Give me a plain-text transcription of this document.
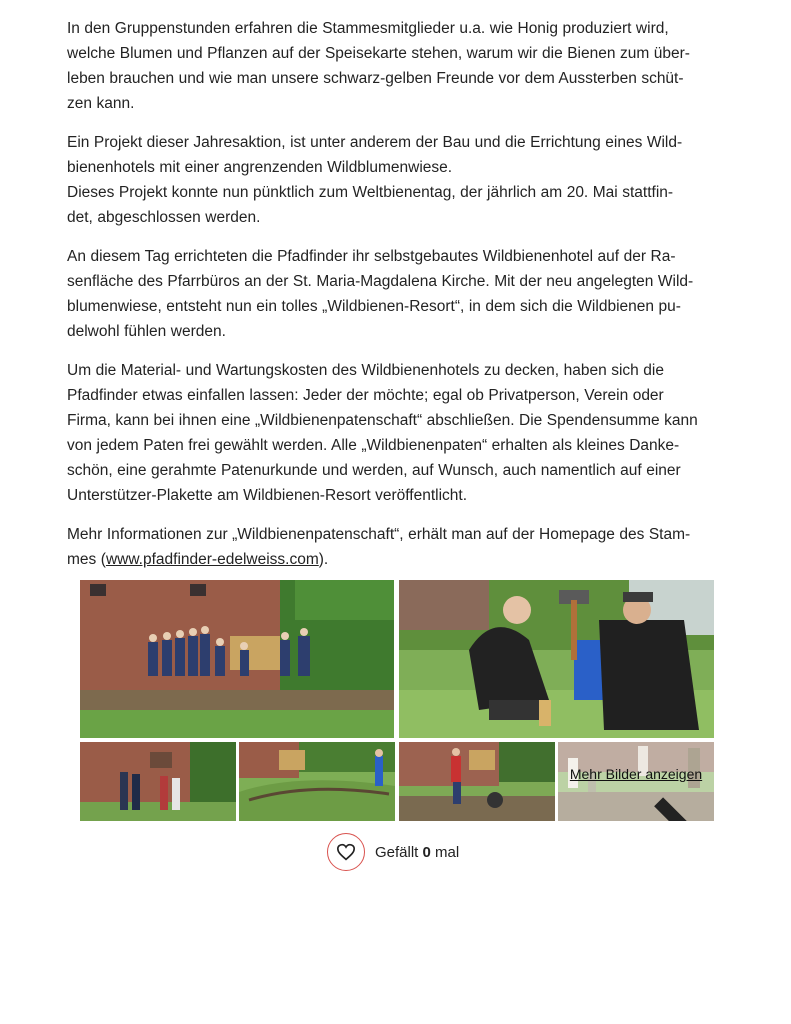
In den Gruppenstunden erfahren die Stammesmitglieder u.a. wie Honig produziert wird,
welche Blumen und Pflanzen auf der Speisekarte stehen, warum wir die Bienen zum über-
leben brauchen und wie man unsere schwarz-gelben Freunde vor dem Aussterben schüt-
zen kann.

Ein Projekt dieser Jahresaktion, ist unter anderem der Bau und die Errichtung eines Wild-
bienenhotels mit einer angrenzenden Wildblumenwiese.
Dieses Projekt konnte nun pünktlich zum Weltbienentag, der jährlich am 20. Mai stattfin-
det, abgeschlossen werden.

An diesem Tag errichteten die Pfadfinder ihr selbstgebautes Wildbienenhotel auf der Ra-
senfläche des Pfarrbüros an der St. Maria-Magdalena Kirche. Mit der neu angelegten Wild-
blumenwiese, entsteht nun ein tolles „Wildbienen-Resort“, in dem sich die Wildbienen pu-
delwohl fühlen werden.

Um die Material- und Wartungskosten des Wildbienenhotels zu decken, haben sich die
Pfadfinder etwas einfallen lassen: Jeder der möchte; egal ob Privatperson, Verein oder
Firma, kann bei ihnen eine „Wildbienenpatenschaft“ abschließen. Die Spendensumme kann
von jedem Paten frei gewählt werden. Alle „Wildbienenpaten“ erhalten als kleines Danke-
schön, eine gerahmte Patenurkunde und werden, auf Wunsch, auch namentlich auf einer
Unterstützer-Plakette am Wildbienen-Resort veröffentlicht.

Mehr Informationen zur „Wildbienenpatenschaft“, erhält man auf der Homepage des Stam-
mes (www.pfadfinder-edelweiss.com).

Mehr Bilder anzeigen
Gefällt 0 mal
